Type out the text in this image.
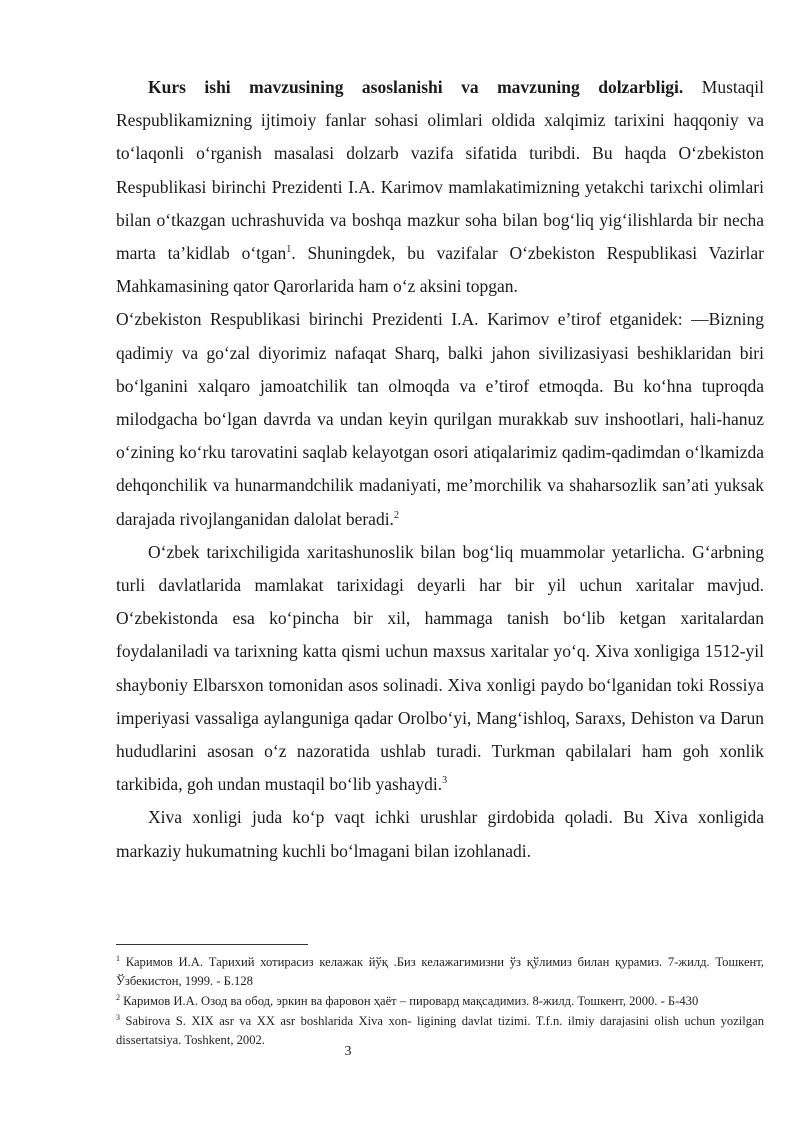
Kurs ishi mavzusining asoslanishi va mavzuning dolzarbligi. Mustaqil Respublikamizning ijtimoiy fanlar sohasi olimlari oldida xalqimiz tarixini haqqoniy va to‘laqonli o‘rganish masalasi dolzarb vazifa sifatida turibdi. Bu haqda O‘zbekiston Respublikasi birinchi Prezidenti I.A. Karimov mamlakatimizning yetakchi tarixchi olimlari bilan o‘tkazgan uchrashuvida va boshqa mazkur soha bilan bog‘liq yig‘ilishlarda bir necha marta ta’kidlab o‘tgan$^1$. Shuningdek, bu vazifalar O‘zbekiston Respublikasi Vazirlar Mahkamasining qator Qarorlarida ham o‘z aksini topgan.

O‘zbekiston Respublikasi birinchi Prezidenti I.A. Karimov e’tirof etganidek: ―Bizning qadimiy va go‘zal diyorimiz nafaqat Sharq, balki jahon sivilizasiyasi beshiklaridan biri bo‘lganini xalqaro jamoatchilik tan olmoqda va e’tirof etmoqda. Bu ko‘hna tuproqda milodgacha bo‘lgan davrda va undan keyin qurilgan murakkab suv inshootlari, hali-hanuz o‘zining ko‘rku tarovatini saqlab kelayotgan osori atiqalarimiz qadim-qadimdan o‘lkamizda dehqonchilik va hunarmandchilik madaniyati, me’morchilik va shaharsozlik san’ati yuksak darajada rivojlanganidan dalolat beradi.$^2$

O‘zbek tarixchiligida xaritashunoslik bilan bog‘liq muammolar yetarlicha. G‘arbning turli davlatlarida mamlakat tarixidagi deyarli har bir yil uchun xaritalar mavjud. O‘zbekistonda esa ko‘pincha bir xil, hammaga tanish bo‘lib ketgan xaritalardan foydalaniladi va tarixning katta qismi uchun maxsus xaritalar yo‘q. Xiva xonligiga 1512-yil shayboniy Elbarsxon tomonidan asos solinadi. Xiva xonligi paydo bo‘lganidan toki Rossiya imperiyasi vassaliga aylanguniga qadar Orolbo‘yi, Mang‘ishloq, Saraxs, Dehiston va Darun hududlarini asosan o‘z nazoratida ushlab turadi. Turkman qabilalari ham goh xonlik tarkibida, goh undan mustaqil bo‘lib yashaydi.$^3$

Xiva xonligi juda ko‘p vaqt ichki urushlar girdobida qoladi. Bu Xiva xonligida markaziy hukumatning kuchli bo‘lmagani bilan izohlanadi.

$^1$ Каримов И.А. Тарихий хотирасиз келажак йўқ .Биз келажагимизни ўз қўлимиз билан қурамиз. 7-жилд. Тошкент, Ўзбекистон, 1999. - Б.128

$^2$ Каримов И.А. Озод ва обод, эркин ва фаровон ҳаёт – пировард мақсадимиз. 8-жилд. Тошкент, 2000. - Б-430

$^3$ Sabirova S. XIX asr va XX asr boshlarida Xiva xon- ligining davlat tizimi. T.f.n. ilmiy darajasini olish uchun yozilgan dissertatsiya. Toshkent, 2002.

3
